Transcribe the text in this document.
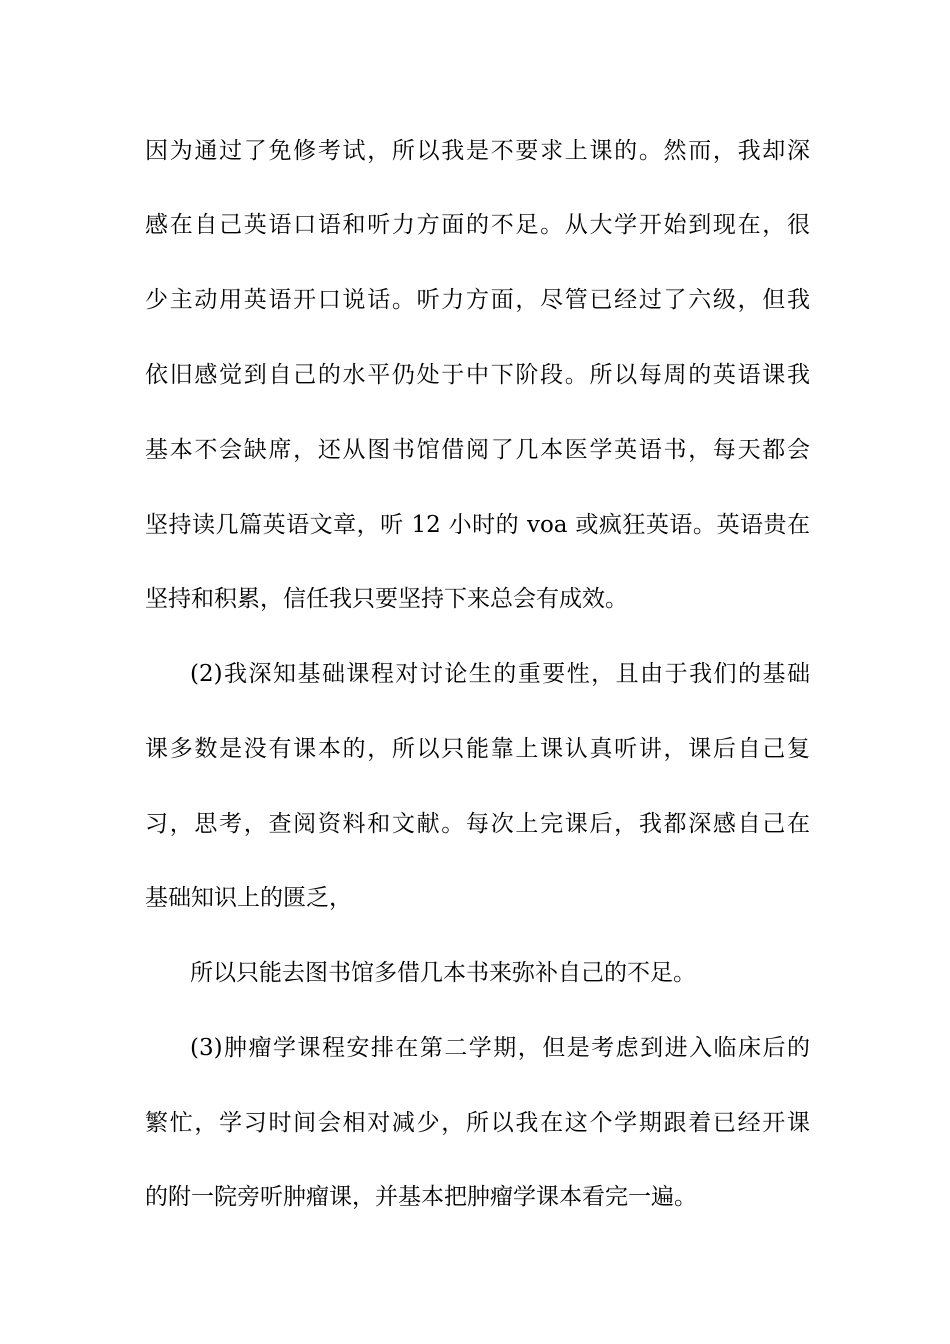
因为通过了免修考试，所以我是不要求上课的。然而，我却深
感在自己英语口语和听力方面的不足。从大学开始到现在，很
少主动用英语开口说话。听力方面，尽管已经过了六级，但我
依旧感觉到自己的水平仍处于中下阶段。所以每周的英语课我
基本不会缺席，还从图书馆借阅了几本医学英语书，每天都会
坚持读几篇英语文章，听 12 小时的 voa 或疯狂英语。英语贵在
坚持和积累，信任我只要坚持下来总会有成效。
(2)我深知基础课程对讨论生的重要性，且由于我们的基础
课多数是没有课本的，所以只能靠上课认真听讲，课后自己复
习，思考，查阅资料和文献。每次上完课后，我都深感自己在
基础知识上的匮乏，
所以只能去图书馆多借几本书来弥补自己的不足。
(3)肿瘤学课程安排在第二学期，但是考虑到进入临床后的
繁忙，学习时间会相对减少，所以我在这个学期跟着已经开课
的附一院旁听肿瘤课，并基本把肿瘤学课本看完一遍。
